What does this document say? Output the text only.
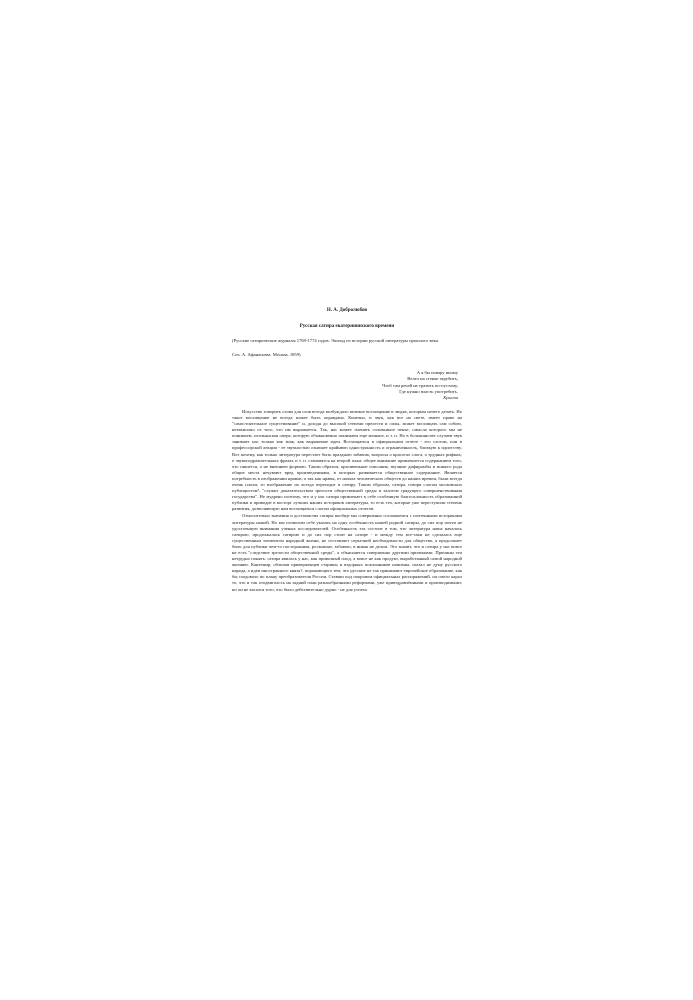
Н. А. Добролюбов

Русская сатира екатерининского времени

(Русские сатирические журналы 1769-1774 годов. Эпизод из истории русской литературы прошлого века.

Соч. А. Афанасьева. Москва, 1859)

А я бы повару иному
Велел на стенке зарубить,
Чтоб там речей не тратить по-пустому,
Где нужно власть употребить.
Крылов

Искусство говорить слова для слов всегда возбуждало великое восхищение в людях, которым нечего делать. Но такое восхищение не всегда может быть оправдано. Конечно, и звук, как все на свете, имеет право на "самостоятельное существование" и, доходя до высокой степени прелести и силы, может восхищать сам собою, независимо от того, что им выражается. Так, нас может пленять соловьиное пенье, смысла которого мы не понимаем, итальянская опера, которую обыкновенно понимаем еще меньше, и т. п. Но в большинстве случаев звук занимает нас только как знак, как выражение идеи. Восхищаться в официальном отчете - его слогом, или в профессорской лекции - ее звучностью означает крайнюю одностронность и ограниченность, близкую к идиотству. Вот почему, как только литература перестает быть праздною забавою, вопросы о красотах слога, о трудных рифмах, о звукоподражательных фразах и т. п. становятся на второй план: общее внимание привлекается содержанием того, что пишется, а не внешнею формою. Таким образом, красивенькие описания, звучные дифирамбы и всякого рода общие места нечувают вред произведениями, в которых развивается общественное содержание. Является потребность в изображении нравов; а так как нравы, от начала человеческих обществ до наших времен, были всегда очень плохи, то изображение их всегда переходит в сатиру. Таким образом, сатира, говоря слогом московских публицистов?, "служит доказательством зрелости общественной среды и залогом грядущего совершенствования государства". Не мудрено поэтому, что и у нас сатира привлекает к себе особенную благосклонность образованной публики и приводит в восторг лучших наших историков литературы, то есть тех, которые уже переступили степень развития, дозволяющую нам восхищаться слогом официальных отчетов.

Относительно значения и достоинства сатиры вообще мы совершенно соглашаемся с почтенными историками литературы нашей. Но мы позволим себе указать на одну особенность нашей родной сатиры, до сих пор почти не удостоенную внимания ученых исследователей. Особенность эта состоит в том, что литература наша началась сатирою, продолжалась сатирою и до сих пор стоит на сатире - и между тем все-таки не сделалась еще существенным элементом народной жизни, не составляет серьезной необходимости для общества, а продолжает быть для публики чем-то посторонним, роскошью, забавою, в никак не делом. Это значит, что и сатира у нас вовсе не есть "следствие зрелости общественной среды", а объясняется совершенно другими причинами. Причины эти нетрудно понять: сатира явилась у нас, как привозный плод, а вовсе не как продукт, выработанный самой народной жизнию. Кантемир, обличая приверженцев старины и вздорных поклонников новизны, сказал не думу русского народа, а идеи иностранного князя?, поражающего тем, что русские не так принимают европейское образование, как бы сходовало по плану преобразователя России. Ставши под покровом официальных распоряжений, он смело карал то, что и так отодвигалось на задний план разнообразными реформами, уже привздравлёнными и производимыми; но он не касался того, что было действительно дурно - не для успеха
